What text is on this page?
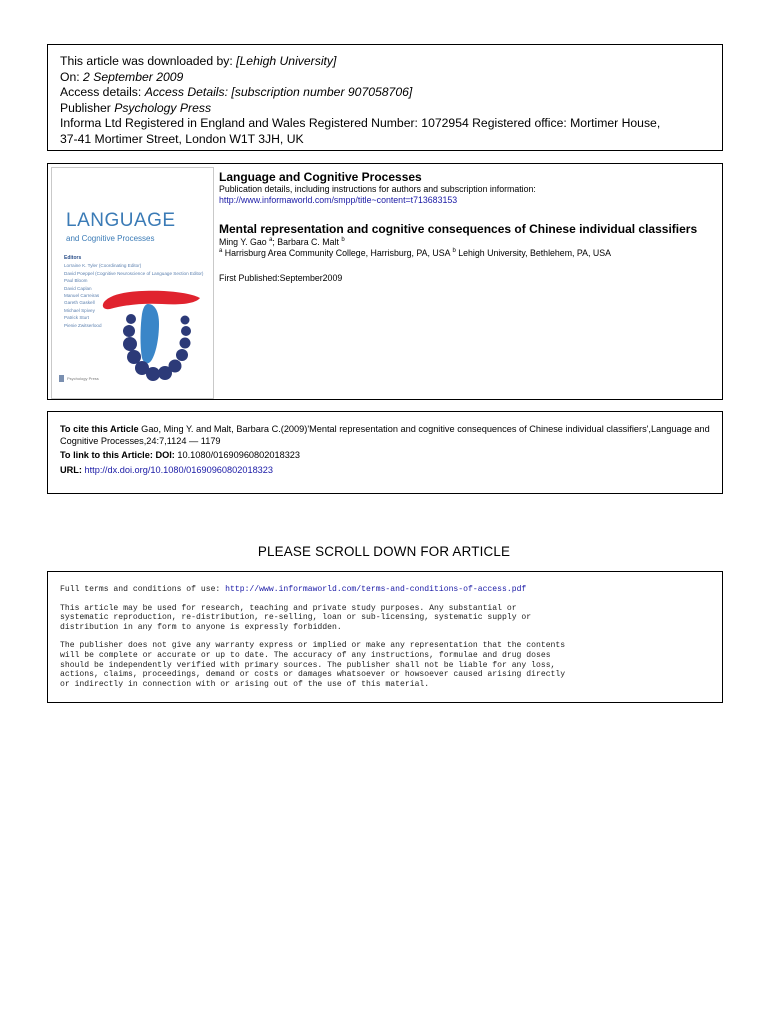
This article was downloaded by: [Lehigh University]
On: 2 September 2009
Access details: Access Details: [subscription number 907058706]
Publisher Psychology Press
Informa Ltd Registered in England and Wales Registered Number: 1072954 Registered office: Mortimer House,
37-41 Mortimer Street, London W1T 3JH, UK
LANGUAGE
and Cognitive Processes
Editors
Lorraine K. Tyler (Coordinating Editor)
David Poeppel (Cognitive Neuroscience of Language Section Editor)
Paul Bloom
David Caplan
Manuel Carreiras
Gareth Gaskell
Michael Spivey
Patrick Sturt
Pienie Zwitserlood
Psychology Press
Language and Cognitive Processes
Publication details, including instructions for authors and subscription information:
http://www.informaworld.com/smpp/title~content=t713683153
Mental representation and cognitive consequences of Chinese individual classifiers
Ming Y. Gao $^a$; Barbara C. Malt $^b$
$^a$ Harrisburg Area Community College, Harrisburg, PA, USA $^b$ Lehigh University, Bethlehem, PA, USA
First Published:September2009
To cite this Article Gao, Ming Y. and Malt, Barbara C.(2009)'Mental representation and cognitive consequences of Chinese individual classifiers',Language and Cognitive Processes,24:7,1124 — 1179
To link to this Article: DOI: 10.1080/01690960802018323
URL: http://dx.doi.org/10.1080/01690960802018323
PLEASE SCROLL DOWN FOR ARTICLE

Full terms and conditions of use: http://www.informaworld.com/terms-and-conditions-of-access.pdf

This article may be used for research, teaching and private study purposes. Any substantial or
systematic reproduction, re-distribution, re-selling, loan or sub-licensing, systematic supply or
distribution in any form to anyone is expressly forbidden.

The publisher does not give any warranty express or implied or make any representation that the contents
will be complete or accurate or up to date. The accuracy of any instructions, formulae and drug doses
should be independently verified with primary sources. The publisher shall not be liable for any loss,
actions, claims, proceedings, demand or costs or damages whatsoever or howsoever caused arising directly
or indirectly in connection with or arising out of the use of this material.
